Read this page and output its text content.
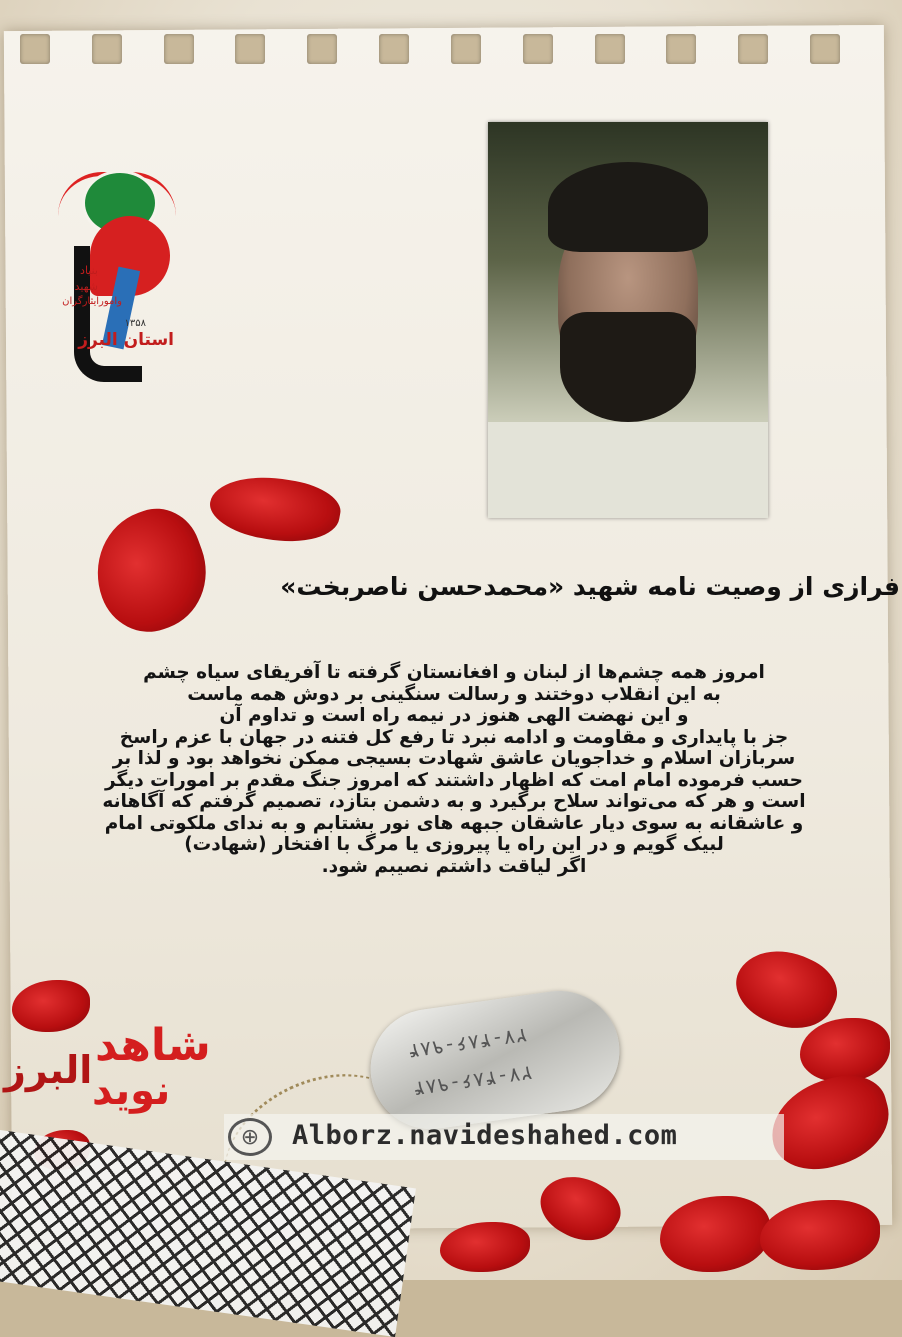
بنیاد
شهید
وامورایثارگران
۱۳۵۸
استان البرز
فرازی از وصیت نامه شهید «محمدحسن ناصربخت»
امروز همه چشم‌ها از لبنان و افغانستان گرفته تا آفریقای سیاه چشم
به این انقلاب دوختند و رسالت سنگینی بر دوش همه ماست
و این نهضت الهی هنوز در نیمه راه است و تداوم آن
جز با پایداری و مقاومت و ادامه نبرد تا رفع کل فتنه در جهان با عزم راسخ
سربازان اسلام و خداجویان عاشق شهادت بسیجی ممکن نخواهد بود و لذا بر
حسب فرموده امام امت که اظهار داشتند که امروز جنگ مقدم بر امورات دیگر
است و هر که می‌تواند سلاح برگیرد و به دشمن بتازد، تصمیم گرفتم که آگاهانه
و عاشقانه به سوی دیار عاشقان جبهه های نور بشتابم و به ندای ملکوتی امام
لبیک گویم و در این راه یا پیروزی یا مرگ با افتخار (شهادت)
اگر لیاقت داشتم نصیبم شود.
۲۷-۴۸۶-۹۸۴
۲۷-۴۸۶-۹۸۴
شاهد
نوید
البرز
⊕	Alborz.navideshahed.com
